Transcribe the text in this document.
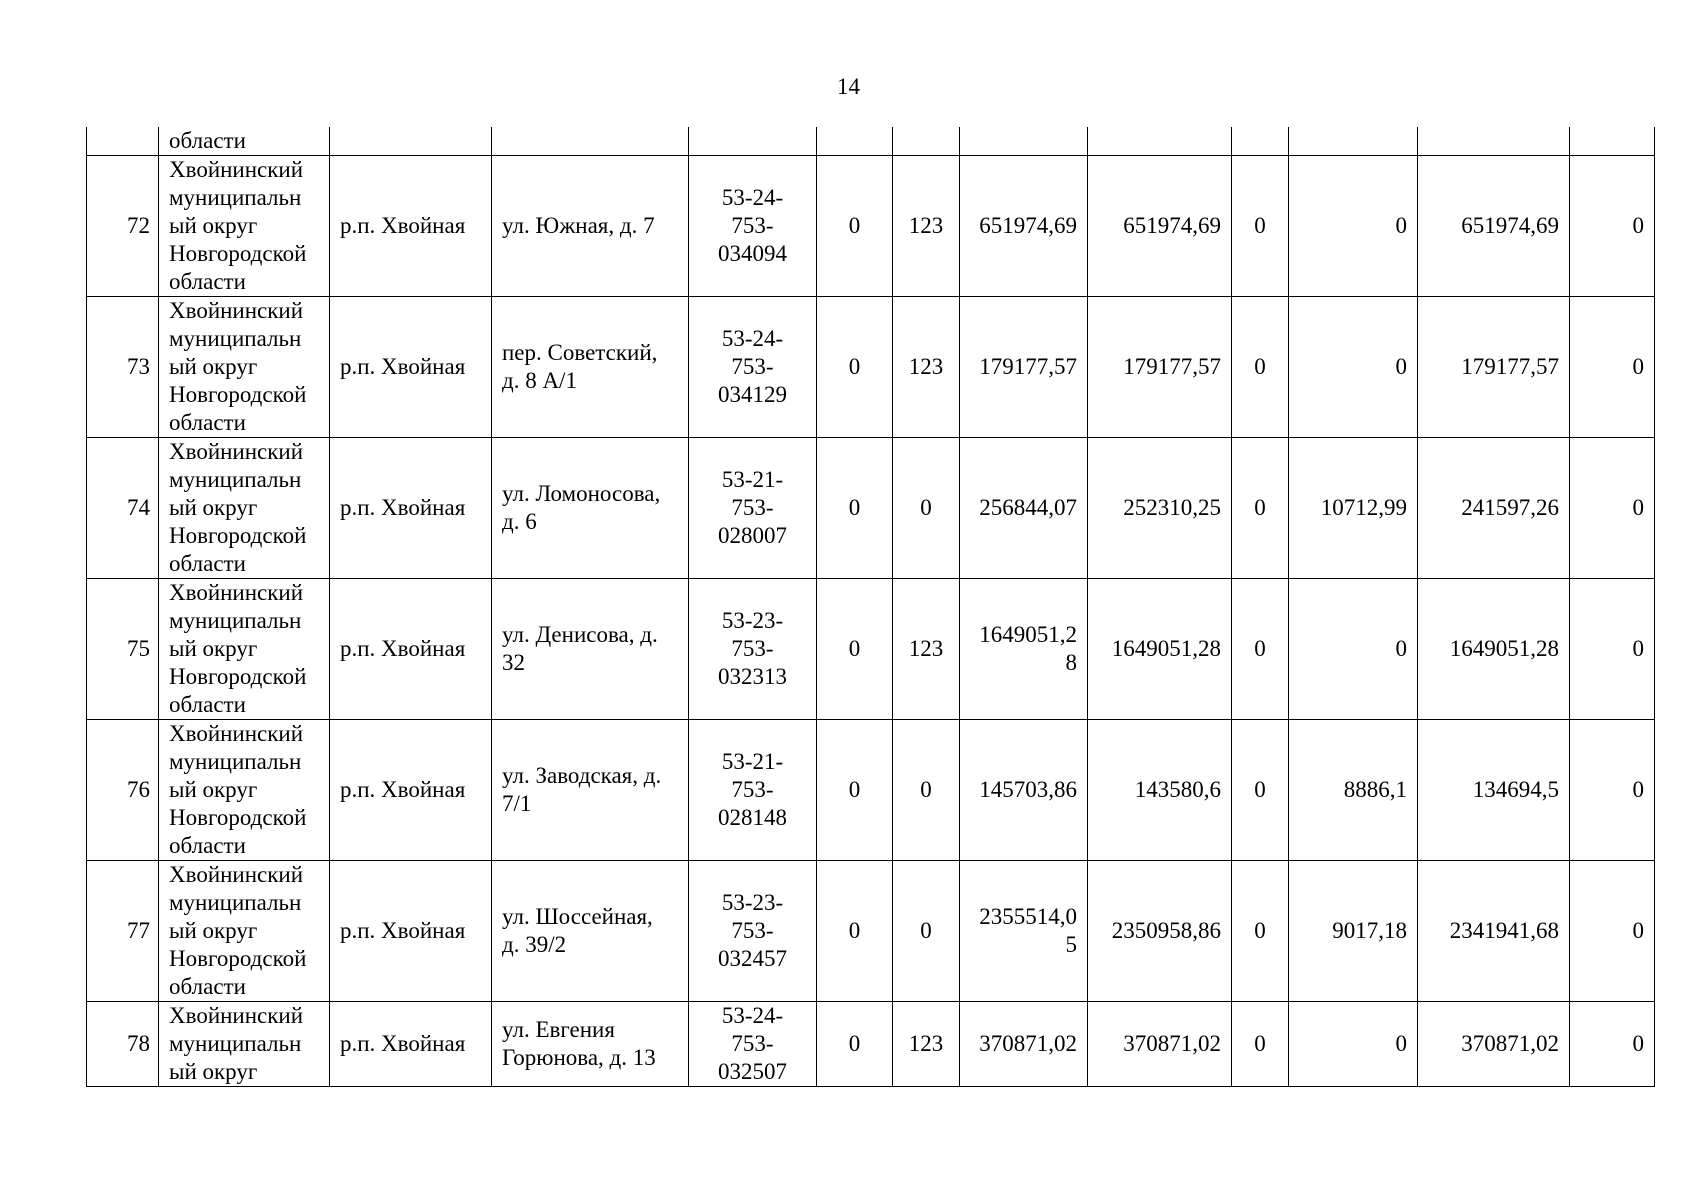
14
	области											
72	Хвойнинский
муниципальн
ый округ
Новгородской
области	р.п. Хвойная	ул. Южная, д. 7	53-24-
753-
034094	0	123	651974,69	651974,69	0	0	651974,69	0
73	Хвойнинский
муниципальн
ый округ
Новгородской
области	р.п. Хвойная	пер. Советский,
д. 8 А/1	53-24-
753-
034129	0	123	179177,57	179177,57	0	0	179177,57	0
74	Хвойнинский
муниципальн
ый округ
Новгородской
области	р.п. Хвойная	ул. Ломоносова,
д. 6	53-21-
753-
028007	0	0	256844,07	252310,25	0	10712,99	241597,26	0
75	Хвойнинский
муниципальн
ый округ
Новгородской
области	р.п. Хвойная	ул. Денисова, д.
32	53-23-
753-
032313	0	123	1649051,2
8	1649051,28	0	0	1649051,28	0
76	Хвойнинский
муниципальн
ый округ
Новгородской
области	р.п. Хвойная	ул. Заводская, д.
7/1	53-21-
753-
028148	0	0	145703,86	143580,6	0	8886,1	134694,5	0
77	Хвойнинский
муниципальн
ый округ
Новгородской
области	р.п. Хвойная	ул. Шоссейная,
д. 39/2	53-23-
753-
032457	0	0	2355514,0
5	2350958,86	0	9017,18	2341941,68	0
78	Хвойнинский
муниципальн
ый округ	р.п. Хвойная	ул. Евгения
Горюнова, д. 13	53-24-
753-
032507	0	123	370871,02	370871,02	0	0	370871,02	0
